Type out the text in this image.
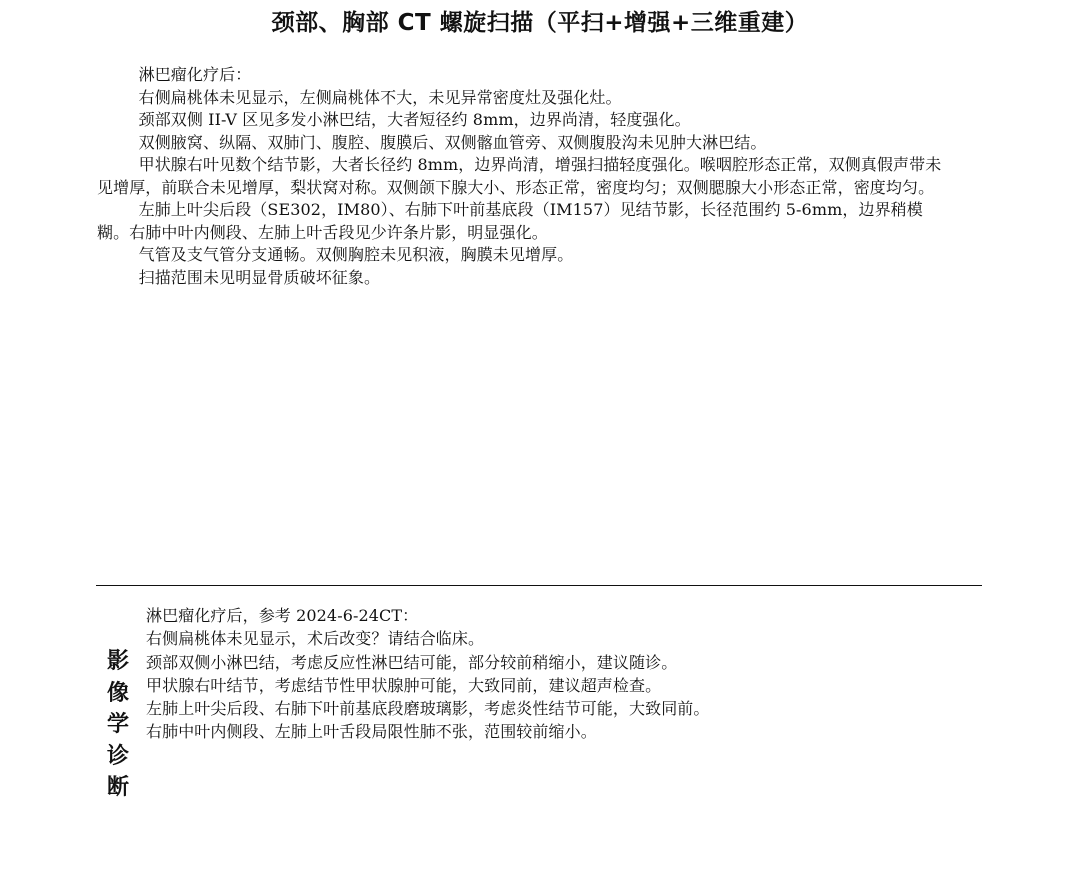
颈部、胸部 CT 螺旋扫描（平扫+增强+三维重建）

淋巴瘤化疗后：

右侧扁桃体未见显示，左侧扁桃体不大，未见异常密度灶及强化灶。

颈部双侧 II-V 区见多发小淋巴结，大者短径约 8mm，边界尚清，轻度强化。

双侧腋窝、纵隔、双肺门、腹腔、腹膜后、双侧髂血管旁、双侧腹股沟未见肿大淋巴结。

甲状腺右叶见数个结节影，大者长径约 8mm，边界尚清，增强扫描轻度强化。喉咽腔形态正常，双侧真假声带未见增厚，前联合未见增厚，梨状窝对称。双侧颌下腺大小、形态正常，密度均匀；双侧腮腺大小形态正常，密度均匀。

左肺上叶尖后段（SE302，IM80）、右肺下叶前基底段（IM157）见结节影，长径范围约 5-6mm，边界稍模糊。右肺中叶内侧段、左肺上叶舌段见少许条片影，明显强化。

气管及支气管分支通畅。双侧胸腔未见积液，胸膜未见增厚。

扫描范围未见明显骨质破坏征象。

影
像
学
诊
断

淋巴瘤化疗后，参考 2024-6-24CT：

右侧扁桃体未见显示，术后改变？请结合临床。

颈部双侧小淋巴结，考虑反应性淋巴结可能，部分较前稍缩小，建议随诊。

甲状腺右叶结节，考虑结节性甲状腺肿可能，大致同前，建议超声检查。

左肺上叶尖后段、右肺下叶前基底段磨玻璃影，考虑炎性结节可能，大致同前。

右肺中叶内侧段、左肺上叶舌段局限性肺不张，范围较前缩小。
